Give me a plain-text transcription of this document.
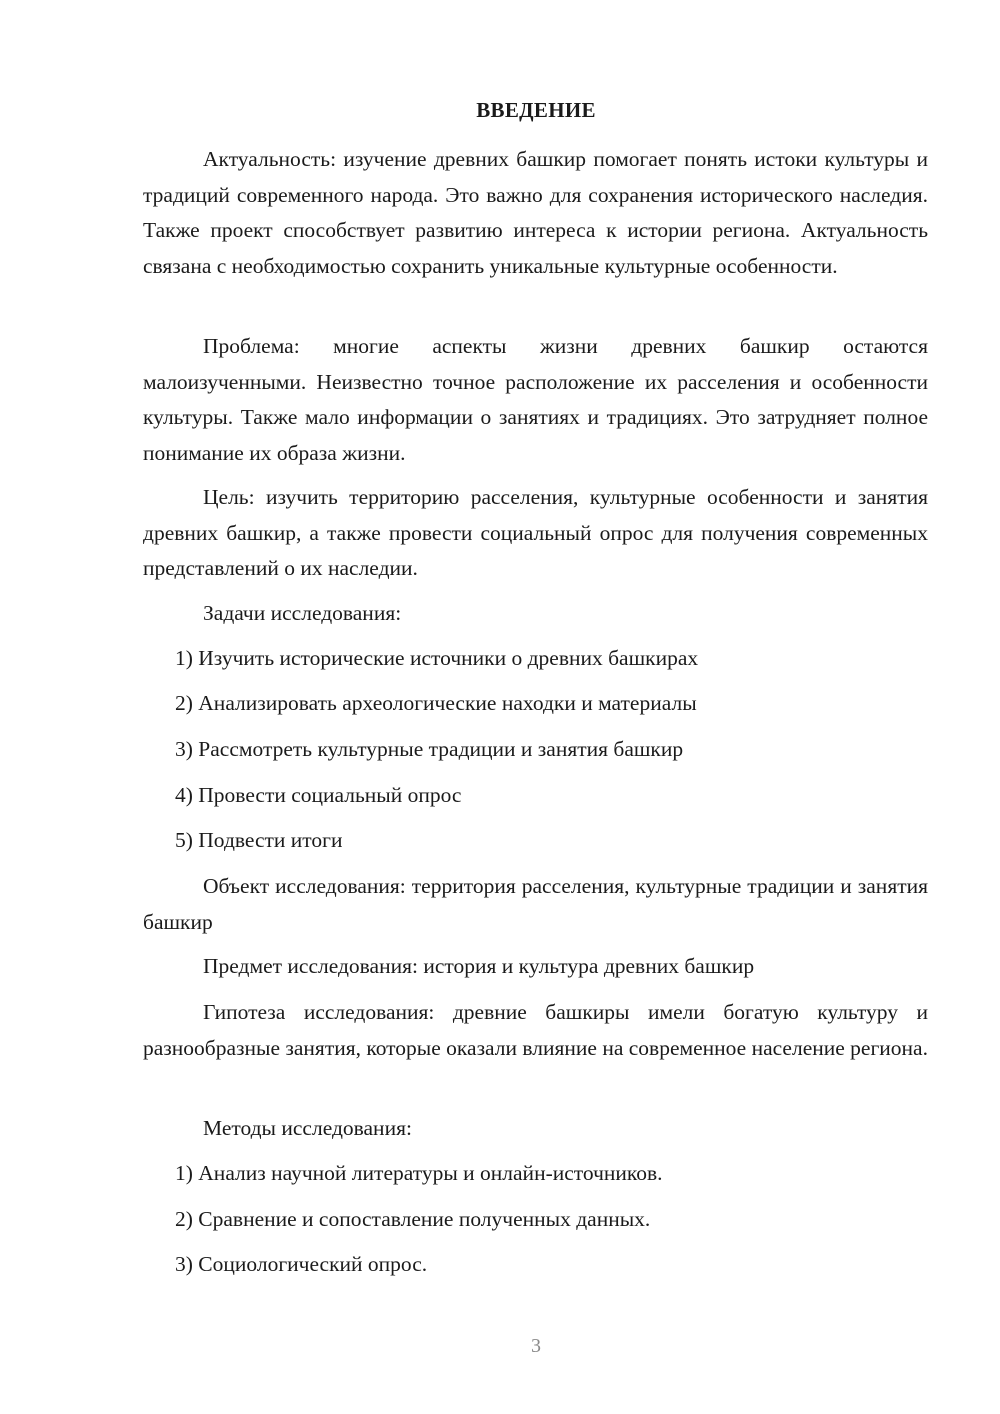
ВВЕДЕНИЕ

Актуальность: изучение древних башкир помогает понять истоки культуры и традиций современного народа. Это важно для сохранения исторического наследия. Также проект способствует развитию интереса к истории региона. Актуальность связана с необходимостью сохранить уникальные культурные особенности.

Проблема: многие аспекты жизни древних башкир остаются малоизученными. Неизвестно точное расположение их расселения и особенности культуры. Также мало информации о занятиях и традициях. Это затрудняет полное понимание их образа жизни.

Цель: изучить территорию расселения, культурные особенности и занятия древних башкир, а также провести социальный опрос для получения современных представлений о их наследии.

Задачи исследования:

1) Изучить исторические источники о древних башкирах

2) Анализировать археологические находки и материалы

3) Рассмотреть культурные традиции и занятия башкир

4) Провести социальный опрос

5) Подвести итоги

Объект исследования: территория расселения, культурные традиции и занятия башкир

Предмет исследования: история и культура древних башкир

Гипотеза исследования: древние башкиры имели богатую культуру и разнообразные занятия, которые оказали влияние на современное население региона.

Методы исследования:

1) Анализ научной литературы и онлайн-источников.

2) Сравнение и сопоставление полученных данных.

3) Социологический опрос.

3
